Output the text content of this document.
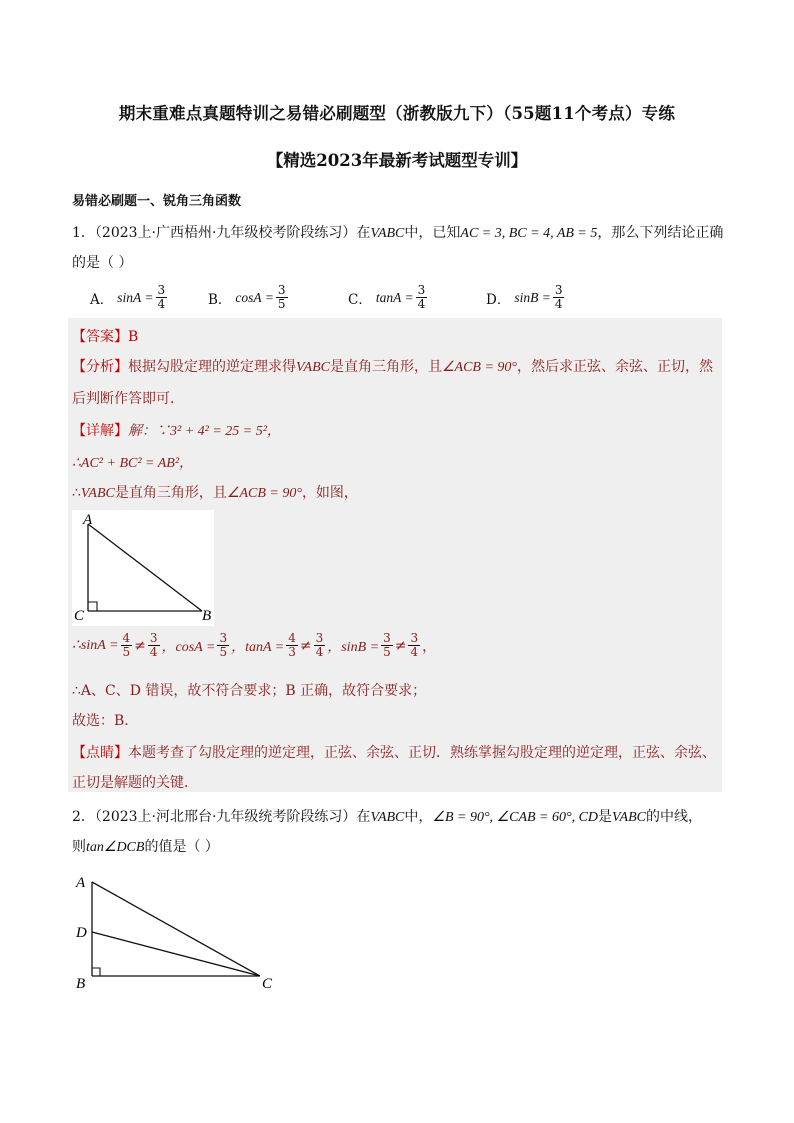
期末重难点真题特训之易错必刷题型（浙教版九下）（55题11个考点）专练
【精选2023年最新考试题型专训】
易错必刷题一、锐角三角函数
1．（2023上·广西梧州·九年级校考阶段练习）在VABC中，已知AC = 3, BC = 4, AB = 5，那么下列结论正确
的是（ ）
A． $\sin A = \frac{3}{4}$	B． $\cos A = \frac{3}{5}$	C． $\tan A = \frac{3}{4}$	D． $\sin B = \frac{3}{4}$
【答案】B
【分析】根据勾股定理的逆定理求得VABC是直角三角形，且∠ACB = 90°，然后求正弦、余弦、正切，然
后判断作答即可．
【详解】解：∵3² + 4² = 25 = 5²，
∴AC² + BC² = AB²，
∴VABC是直角三角形，且∠ACB = 90°，如图，
A
C	B
∴sinA = $\frac{4}{5} \ne \frac{3}{4}$ ，$\cos A = \frac{3}{5}$ ，$\tan A = \frac{4}{3} \ne \frac{3}{4}$ ，$\sin B = \frac{3}{5} \ne \frac{3}{4}$ ，
∴A、C、D 错误，故不符合要求；B 正确，故符合要求；
故选：B．
【点睛】本题考查了勾股定理的逆定理，正弦、余弦、正切．熟练掌握勾股定理的逆定理，正弦、余弦、
正切是解题的关键．
2．（2023上·河北邢台·九年级统考阶段练习）在VABC中，∠B = 90°, ∠CAB = 60°, CD是VABC的中线，
则tan∠DCB的值是（ ）
A
D
B	C
